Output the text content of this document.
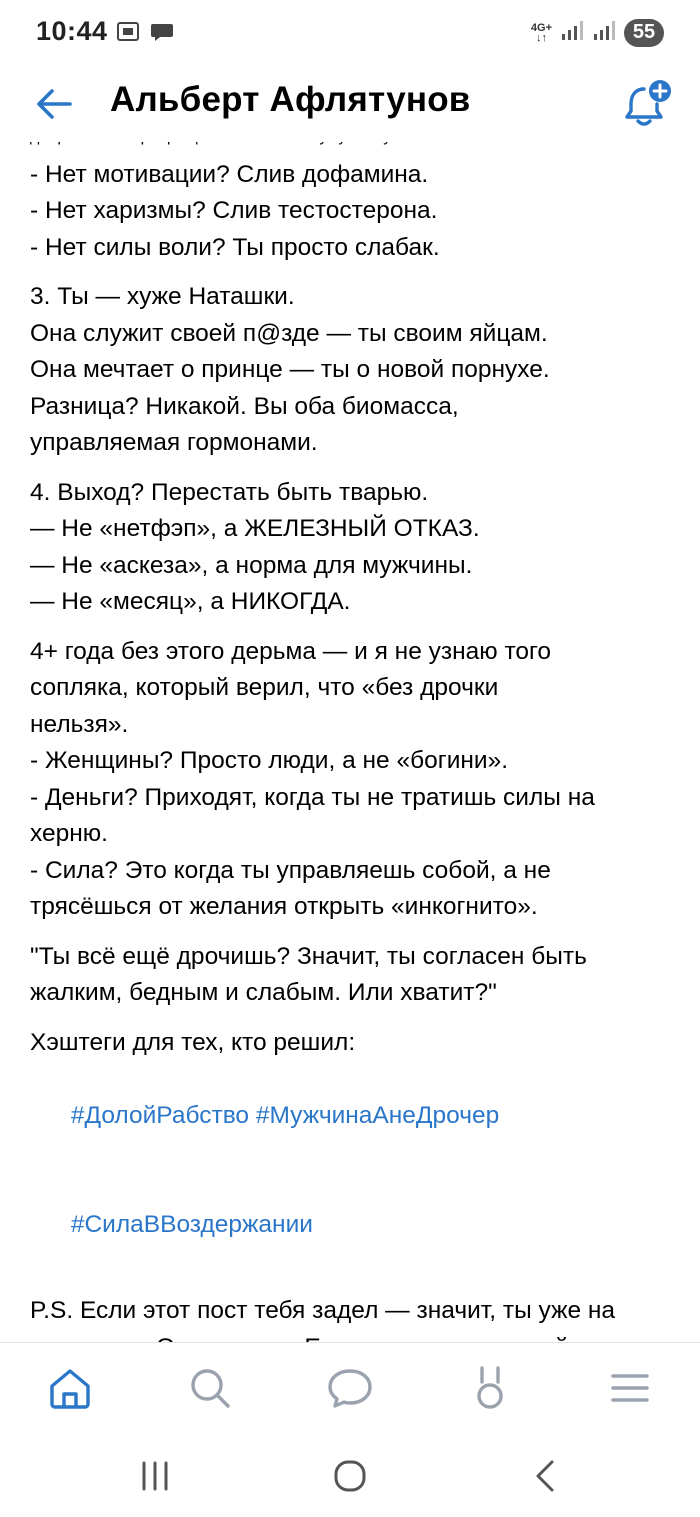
10:44	4G+
↓↑	55
- Нет мотивации? Слив дофамина.
- Нет харизмы? Слив тестостерона.
- Нет силы воли? Ты просто слабак.
3. Ты — хуже Наташки.
Она служит своей п@зде — ты своим яйцам.
Она мечтает о принце — ты о новой порнухе.
Разница? Никакой. Вы оба биомасса,
управляемая гормонами.
4. Выход? Перестать быть тварью.
— Не «нетфэп», а ЖЕЛЕЗНЫЙ ОТКАЗ.
— Не «аскеза», а норма для мужчины.
— Не «месяц», а НИКОГДА.
4+ года без этого дерьма — и я не узнаю того
сопляка, который верил, что «без дрочки
нельзя».
- Женщины? Просто люди, а не «богини».
- Деньги? Приходят, когда ты не тратишь силы на
херню.
- Сила? Это когда ты управляешь собой, а не
трясёшься от желания открыть «инкогнито».
"Ты всё ещё дрочишь? Значит, ты согласен быть
жалким, бедным и слабым. Или хватит?"
Хэштеги для тех, кто решил:

#ДолойРабство #МужчинаАнеДрочер

#СилаВВоздержании

P.S. Если этот пост тебя задел — значит, ты уже на
Альберт Афлятунов
